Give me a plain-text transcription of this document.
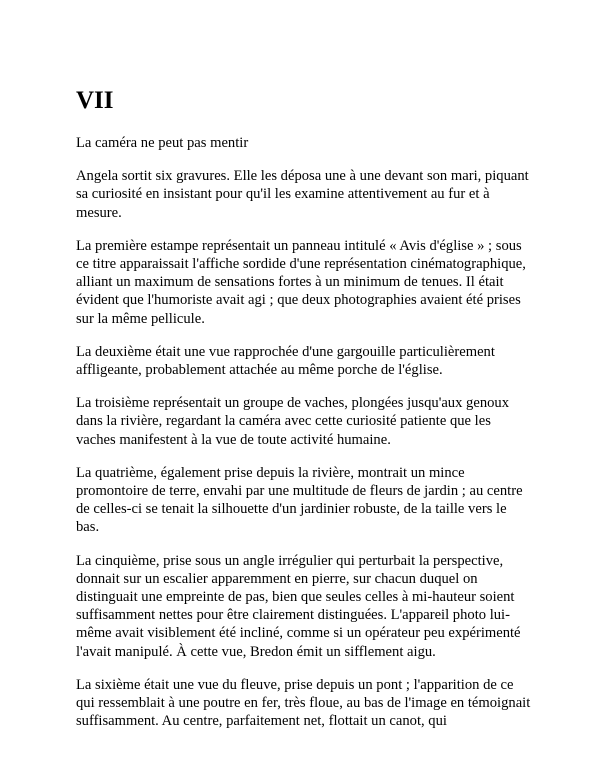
VII

La caméra ne peut pas mentir

Angela sortit six gravures. Elle les déposa une à une devant son mari, piquant sa curiosité en insistant pour qu'il les examine attentivement au fur et à mesure.

La première estampe représentait un panneau intitulé « Avis d'église » ; sous ce titre apparaissait l'affiche sordide d'une représentation cinématographique, alliant un maximum de sensations fortes à un minimum de tenues. Il était évident que l'humoriste avait agi ; que deux photographies avaient été prises sur la même pellicule.

La deuxième était une vue rapprochée d'une gargouille particulièrement affligeante, probablement attachée au même porche de l'église.

La troisième représentait un groupe de vaches, plongées jusqu'aux genoux dans la rivière, regardant la caméra avec cette curiosité patiente que les vaches manifestent à la vue de toute activité humaine.

La quatrième, également prise depuis la rivière, montrait un mince promontoire de terre, envahi par une multitude de fleurs de jardin ; au centre de celles-ci se tenait la silhouette d'un jardinier robuste, de la taille vers le bas.

La cinquième, prise sous un angle irrégulier qui perturbait la perspective, donnait sur un escalier apparemment en pierre, sur chacun duquel on distinguait une empreinte de pas, bien que seules celles à mi-hauteur soient suffisamment nettes pour être clairement distinguées. L'appareil photo lui-même avait visiblement été incliné, comme si un opérateur peu expérimenté l'avait manipulé. À cette vue, Bredon émit un sifflement aigu.

La sixième était une vue du fleuve, prise depuis un pont ; l'apparition de ce qui ressemblait à une poutre en fer, très floue, au bas de l'image en témoignait suffisamment. Au centre, parfaitement net, flottait un canot, qui
